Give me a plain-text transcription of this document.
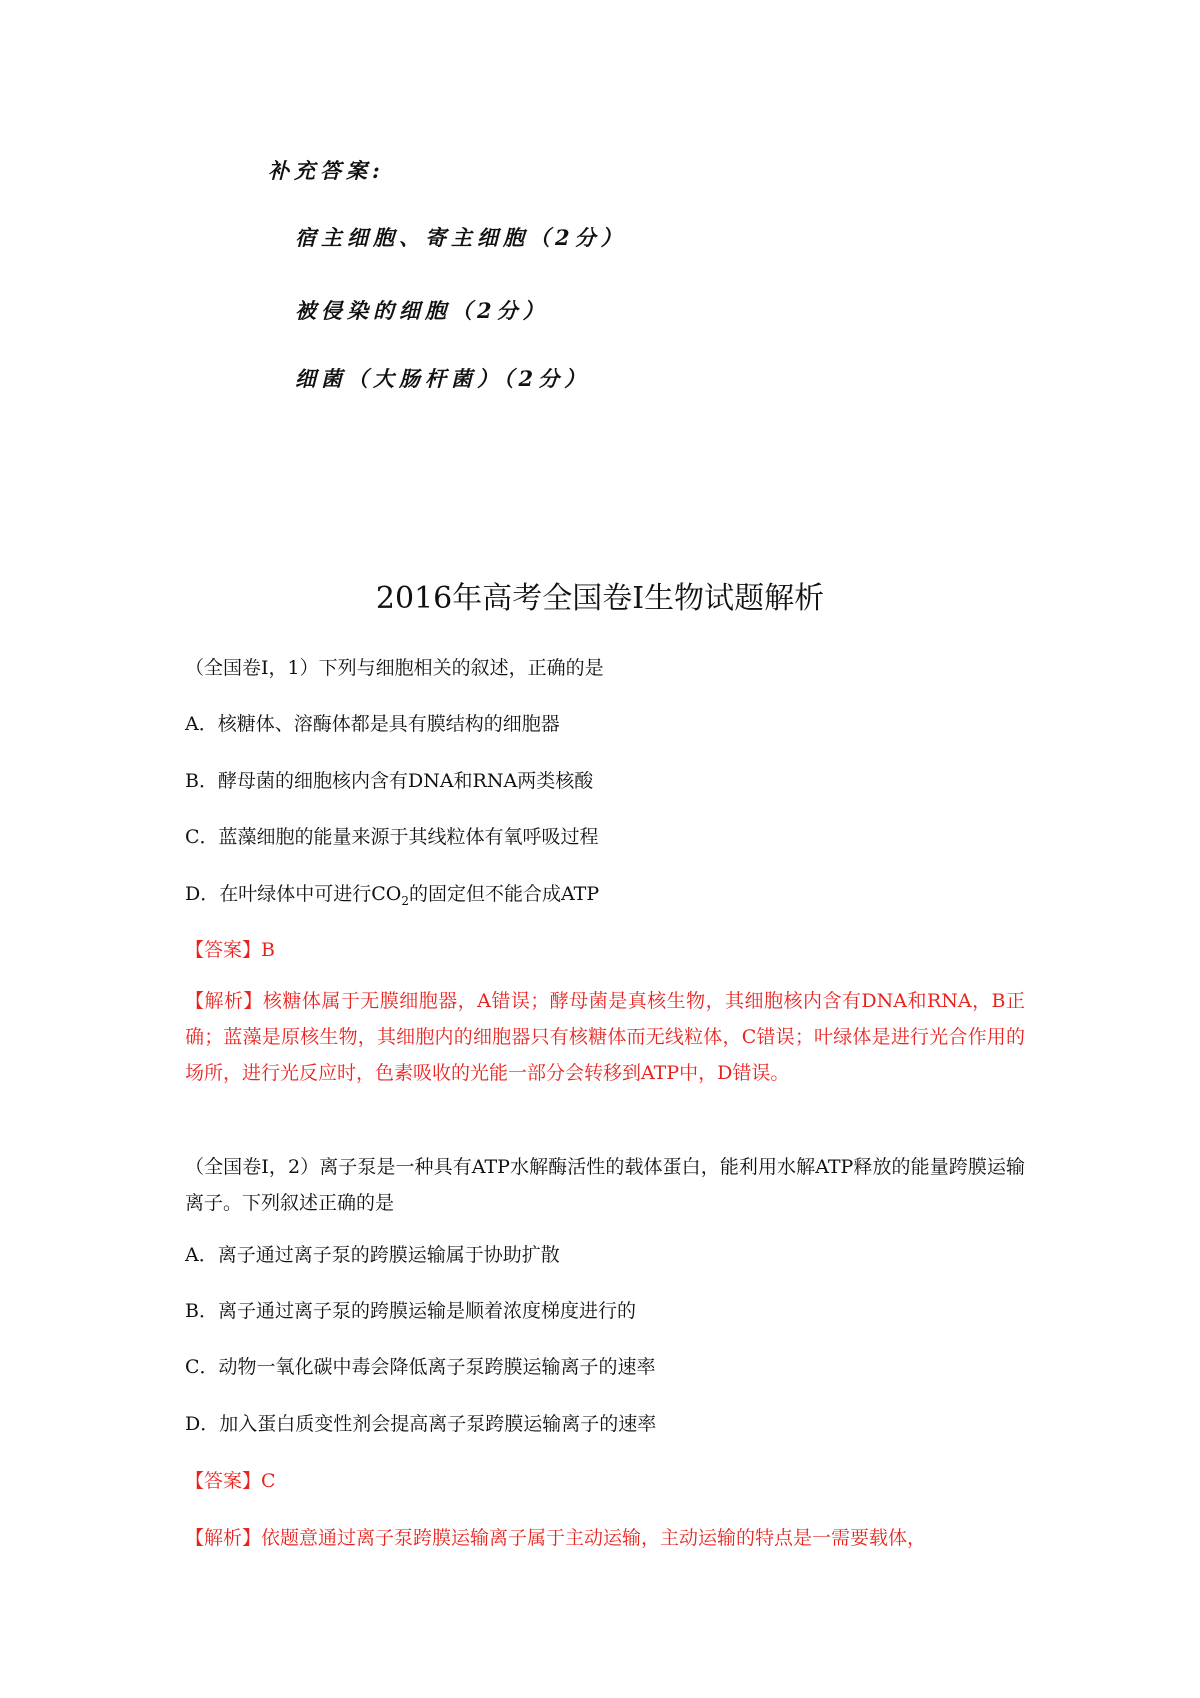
补充答案:
宿主细胞、寄主细胞（2分）
被侵染的细胞（2分）
细菌（大肠杆菌）（2分）
2016年高考全国卷Ⅰ生物试题解析
（全国卷Ⅰ，1）下列与细胞相关的叙述，正确的是
A．核糖体、溶酶体都是具有膜结构的细胞器
B．酵母菌的细胞核内含有DNA和RNA两类核酸
C．蓝藻细胞的能量来源于其线粒体有氧呼吸过程
D．在叶绿体中可进行$CO_2$的固定但不能合成ATP
【答案】B
【解析】核糖体属于无膜细胞器，A错误；酵母菌是真核生物，其细胞核内含有DNA和RNA，B正确；蓝藻是原核生物，其细胞内的细胞器只有核糖体而无线粒体，C错误；叶绿体是进行光合作用的场所，进行光反应时，色素吸收的光能一部分会转移到ATP中，D错误。
（全国卷Ⅰ，2）离子泵是一种具有ATP水解酶活性的载体蛋白，能利用水解ATP释放的能量跨膜运输离子。下列叙述正确的是
A．离子通过离子泵的跨膜运输属于协助扩散
B．离子通过离子泵的跨膜运输是顺着浓度梯度进行的
C．动物一氧化碳中毒会降低离子泵跨膜运输离子的速率
D．加入蛋白质变性剂会提高离子泵跨膜运输离子的速率
【答案】C
【解析】依题意通过离子泵跨膜运输离子属于主动运输，主动运输的特点是一需要载体，
